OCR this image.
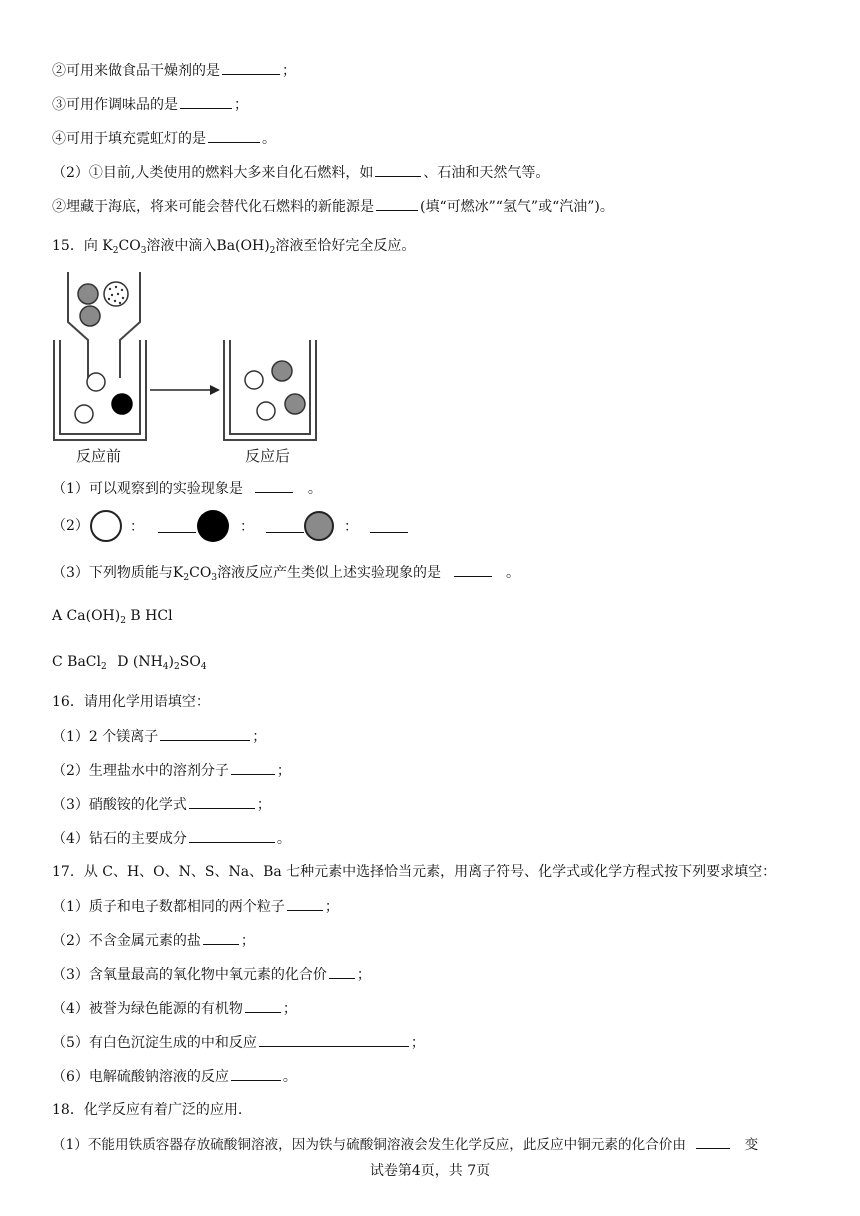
②可用来做食品干燥剂的是	；
③可用作调味品的是	；
④可用于填充霓虹灯的是	。
（2）①目前,人类使用的燃料大多来自化石燃料，如	、石油和天然气等。
②埋藏于海底，将来可能会替代化石燃料的新能源是	(填“可燃冰”“氢气”或“汽油”)。
15．向 $K_2CO_3$溶液中滴入$Ba(OH)_2$溶液至恰好完全反应。
反应前	反应后
（1）可以观察到的实验现象是	。
（2）	：	：	：
（3）下列物质能与$K_2CO_3$溶液反应产生类似上述实验现象的是	。
A $Ca(OH)_2$ B HCl
C BaCl$_2$ D $(NH_4)_2SO_4$
16．请用化学用语填空：
（1）2 个镁离子	；
（2）生理盐水中的溶剂分子	；
（3）硝酸铵的化学式	；
（4）钻石的主要成分	。
17．从 C、H、O、N、S、Na、Ba 七种元素中选择恰当元素，用离子符号、化学式或化学方程式按下列要求填空：
（1）质子和电子数都相同的两个粒子	；
（2）不含金属元素的盐	；
（3）含氧量最高的氧化物中氧元素的化合价 ；
（4）被誉为绿色能源的有机物	；
（5）有白色沉淀生成的中和反应	；
（6）电解硫酸钠溶液的反应	。
18．化学反应有着广泛的应用.
（1）不能用铁质容器存放硫酸铜溶液，因为铁与硫酸铜溶液会发生化学反应，此反应中铜元素的化合价由	变
试卷第4页，共 7页
